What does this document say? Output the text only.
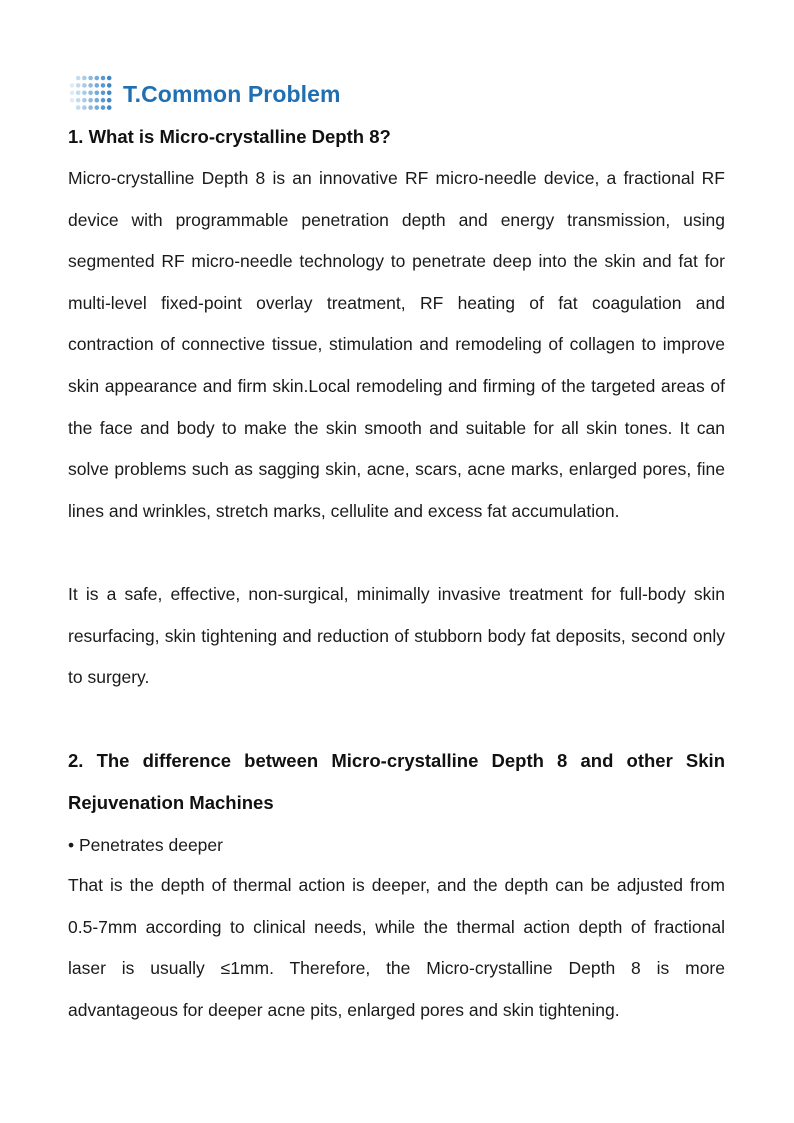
T.Common Problem
1. What is Micro-crystalline Depth 8?
Micro-crystalline Depth 8 is an innovative RF micro-needle device, a fractional RF device with programmable penetration depth and energy transmission, using segmented RF micro-needle technology to penetrate deep into the skin and fat for multi-level fixed-point overlay treatment, RF heating of fat coagulation and contraction of connective tissue, stimulation and remodeling of collagen to improve skin appearance and firm skin.Local remodeling and firming of the targeted areas of the face and body to make the skin smooth and suitable for all skin tones. It can solve problems such as sagging skin, acne, scars, acne marks, enlarged pores, fine lines and wrinkles, stretch marks, cellulite and excess fat accumulation.
It is a safe, effective, non-surgical, minimally invasive treatment for full-body skin resurfacing, skin tightening and reduction of stubborn body fat deposits, second only to surgery.
2. The difference between Micro-crystalline Depth 8 and other Skin Rejuvenation Machines
• Penetrates deeper
That is the depth of thermal action is deeper, and the depth can be adjusted from 0.5-7mm according to clinical needs, while the thermal action depth of fractional laser is usually ≤1mm. Therefore, the Micro-crystalline Depth 8 is more advantageous for deeper acne pits, enlarged pores and skin tightening.
